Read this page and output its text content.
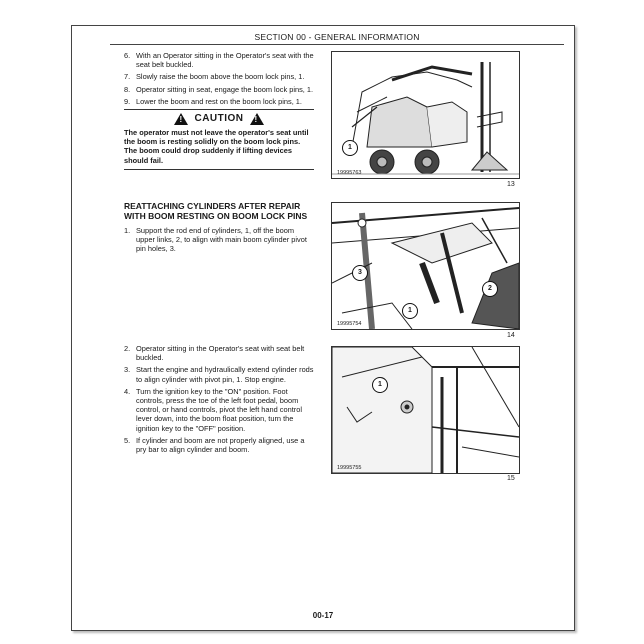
SECTION 00 - GENERAL INFORMATION
6. With an Operator sitting in the Operator's seat with the seat belt buckled.
7. Slowly raise the boom above the boom lock pins, 1.
8. Operator sitting in seat, engage the boom lock pins, 1.
9. Lower the boom and rest on the boom lock pins, 1.
! CAUTION !
The operator must not leave the operator's seat until the boom is resting solidly on the boom lock pins. The boom could drop suddenly if lifting devices should fail.
REATTACHING CYLINDERS AFTER REPAIR WITH BOOM RESTING ON BOOM LOCK PINS
1. Support the rod end of cylinders, 1, off the boom upper links, 2, to align with main boom cylinder pivot pin holes, 3.
2. Operator sitting in the Operator's seat with seat belt buckled.
3. Start the engine and hydraulically extend cylinder rods to align cylinder with pivot pin, 1. Stop engine.
4. Turn the ignition key to the "ON" position. Foot controls, press the toe of the left foot pedal, boom control, or hand controls, pivot the left hand control lever down, into the boom float position, turn the ignition key to the "OFF" position.
5. If cylinder and boom are not properly aligned, use a pry bar to align cylinder and boom.
1
19995763
13
3
2
1
19995754
14
1
19995755
15
00-17
